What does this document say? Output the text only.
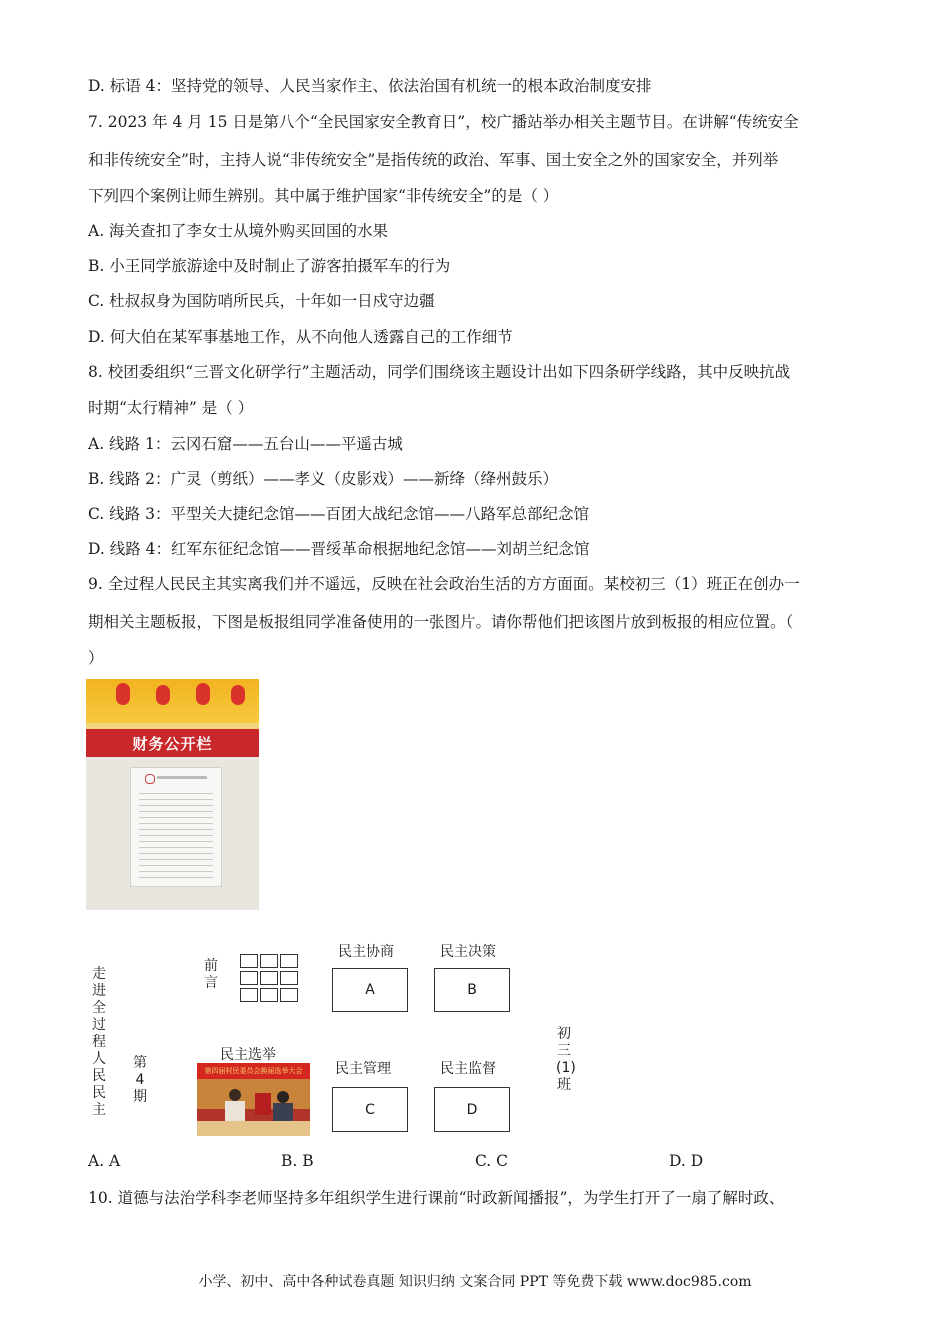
D. 标语 4：坚持党的领导、人民当家作主、依法治国有机统一的根本政治制度安排
7. 2023 年 4 月 15 日是第八个“全民国家安全教育日”，校广播站举办相关主题节目。在讲解“传统安全
和非传统安全”时，主持人说“非传统安全”是指传统的政治、军事、国土安全之外的国家安全，并列举
下列四个案例让师生辨别。其中属于维护国家“非传统安全”的是（ ）
A. 海关查扣了李女士从境外购买回国的水果
B. 小王同学旅游途中及时制止了游客拍摄军车的行为
C. 杜叔叔身为国防哨所民兵，十年如一日戍守边疆
D. 何大伯在某军事基地工作，从不向他人透露自己的工作细节
8. 校团委组织“三晋文化研学行”主题活动，同学们围绕该主题设计出如下四条研学线路，其中反映抗战
时期“太行精神” 是（ ）
A. 线路 1：云冈石窟——五台山——平遥古城
B. 线路 2：广灵（剪纸）——孝义（皮影戏）——新绛（绛州鼓乐）
C. 线路 3：平型关大捷纪念馆——百团大战纪念馆——八路军总部纪念馆
D. 线路 4：红军东征纪念馆——晋绥革命根据地纪念馆——刘胡兰纪念馆
9. 全过程人民民主其实离我们并不遥远，反映在社会政治生活的方方面面。某校初三（1）班正在创办一
期相关主题板报，下图是板报组同学准备使用的一张图片。请你帮他们把该图片放到板报的相应位置。（
）
财务公开栏
走进全过程人民民主
第4期
前言
初三(1)班
民主协商	民主决策
A	B
民主选举
第四届村民委员会换届选举大会 民主管理	民主监督
C	D
A. A	B. B	C. C	D. D
10. 道德与法治学科李老师坚持多年组织学生进行课前“时政新闻播报”，为学生打开了一扇了解时政、
小学、初中、高中各种试卷真题 知识归纳 文案合同 PPT 等免费下载 www.doc985.com
